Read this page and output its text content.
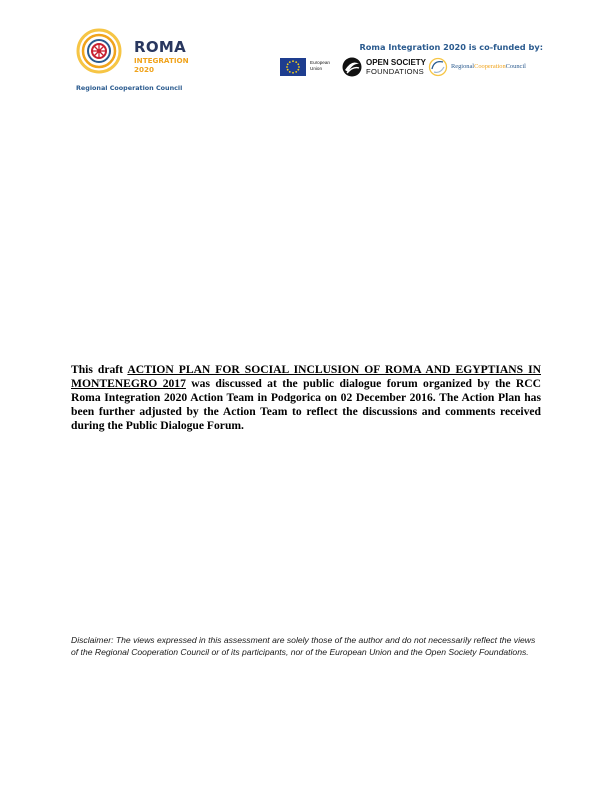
ROMA
INTEGRATION
2020
Regional Cooperation Council
Roma Integration 2020 is co-funded by:
European
Union
OPEN SOCIETY
FOUNDATIONS
RegionalCooperationCouncil

This draft ACTION PLAN FOR SOCIAL INCLUSION OF ROMA AND EGYPTIANS IN MONTENEGRO 2017 was discussed at the public dialogue forum organized by the RCC Roma Integration 2020 Action Team in Podgorica on 02 December 2016. The Action Plan has been further adjusted by the Action Team to reflect the discussions and comments received during the Public Dialogue Forum.

Disclaimer: The views expressed in this assessment are solely those of the author and do not necessarily reflect the views of the Regional Cooperation Council or of its participants, nor of the European Union and the Open Society Foundations.
